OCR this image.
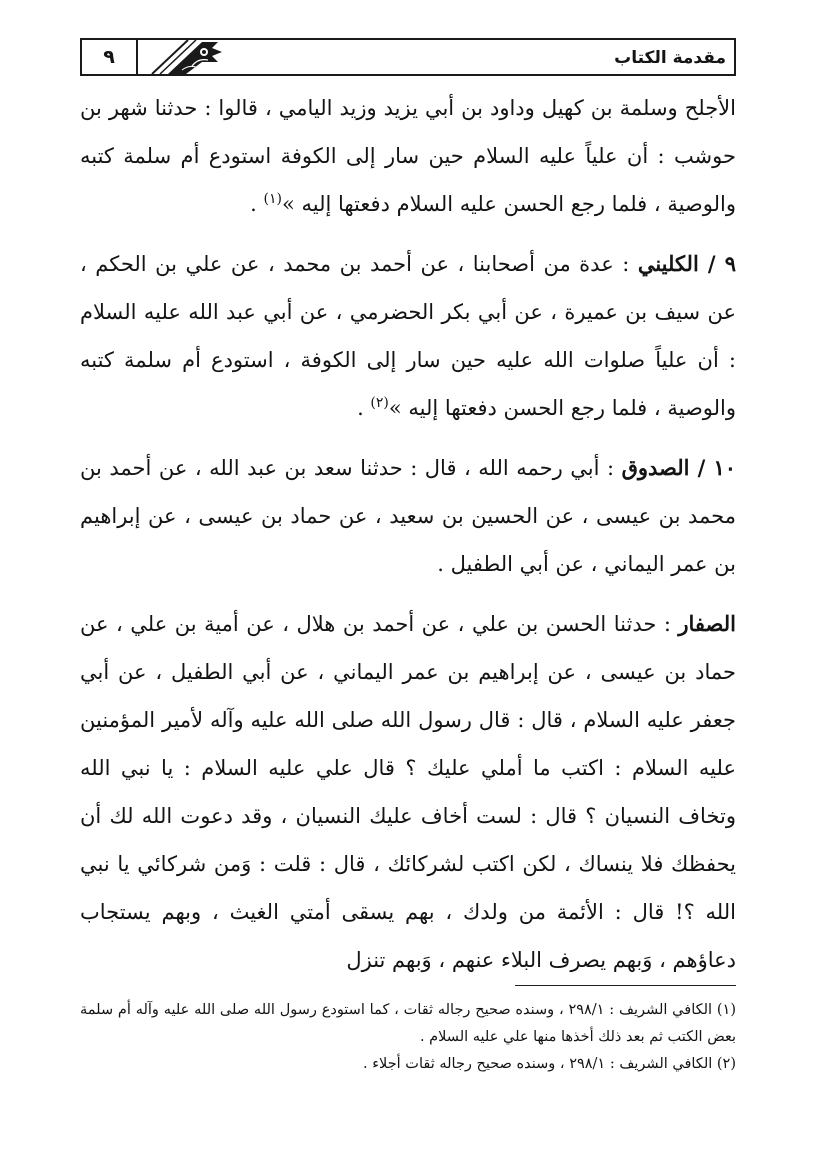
٩	مقدمة الكتاب

الأجلح وسلمة بن كهيل وداود بن أبي يزيد وزيد اليامي ، قالوا : حدثنا شهر بن حوشب : أن علياً عليه السلام حين سار إلى الكوفة استودع أم سلمة كتبه والوصية ، فلما رجع الحسن عليه السلام دفعتها إليه »$^{(١)}$ .

٩ / الكليني : عدة من أصحابنا ، عن أحمد بن محمد ، عن علي بن الحكم ، عن سيف بن عميرة ، عن أبي بكر الحضرمي ، عن أبي عبد الله عليه السلام : أن علياً صلوات الله عليه حين سار إلى الكوفة ، استودع أم سلمة كتبه والوصية ، فلما رجع الحسن دفعتها إليه »$^{(٢)}$ .

١٠ / الصدوق : أبي رحمه الله ، قال : حدثنا سعد بن عبد الله ، عن أحمد بن محمد بن عيسى ، عن الحسين بن سعيد ، عن حماد بن عيسى ، عن إبراهيم بن عمر اليماني ، عن أبي الطفيل .

الصفار : حدثنا الحسن بن علي ، عن أحمد بن هلال ، عن أمية بن علي ، عن حماد بن عيسى ، عن إبراهيم بن عمر اليماني ، عن أبي الطفيل ، عن أبي جعفر عليه السلام ، قال : قال رسول الله صلى الله عليه وآله لأمير المؤمنين عليه السلام : اكتب ما أملي عليك ؟ قال علي عليه السلام : يا نبي الله وتخاف النسيان ؟ قال : لست أخاف عليك النسيان ، وقد دعوت الله لك أن يحفظك فلا ينساك ، لكن اكتب لشركائك ، قال : قلت : وَمن شركائي يا نبي الله ؟! قال : الأئمة من ولدك ، بهم يسقى أمتي الغيث ، وبهم يستجاب دعاؤهم ، وَبهم يصرف البلاء عنهم ، وَبهم تنزل

(١) الكافي الشريف : ٢٩٨/١ ، وسنده صحيح رجاله ثقات ، كما استودع رسول الله صلى الله عليه وآله أم سلمة بعض الكتب ثم بعد ذلك أخذها منها علي عليه السلام .

(٢) الكافي الشريف : ٢٩٨/١ ، وسنده صحيح رجاله ثقات أجلاء .
